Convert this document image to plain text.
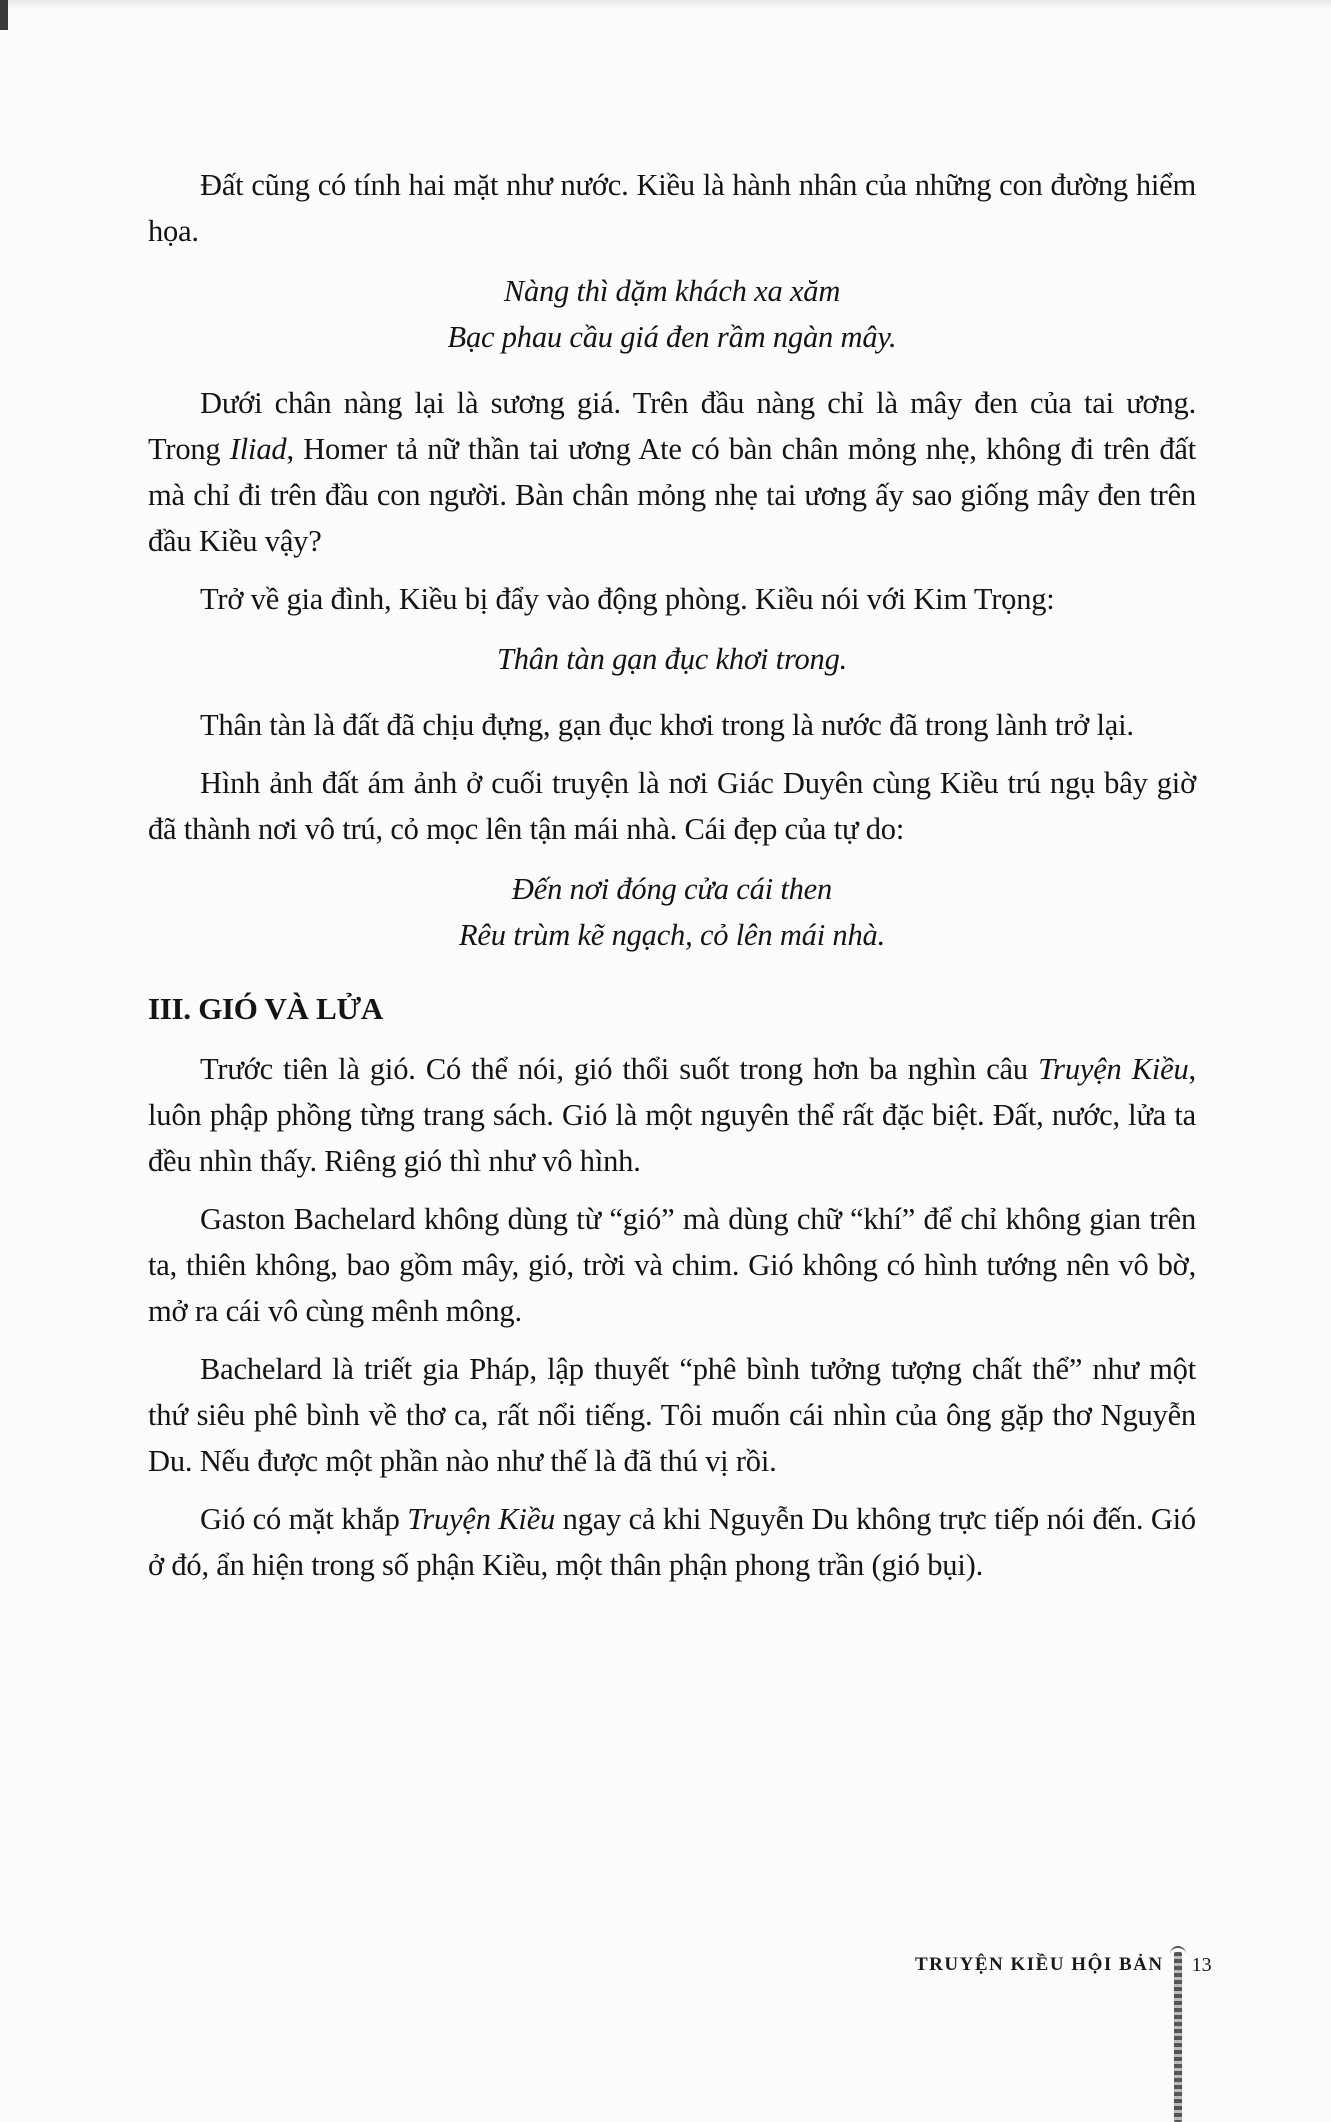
Đất cũng có tính hai mặt như nước. Kiều là hành nhân của những con đường hiểm họa.

Nàng thì dặm khách xa xăm

Bạc phau cầu giá đen rầm ngàn mây.

Dưới chân nàng lại là sương giá. Trên đầu nàng chỉ là mây đen của tai ương. Trong Iliad, Homer tả nữ thần tai ương Ate có bàn chân mỏng nhẹ, không đi trên đất mà chỉ đi trên đầu con người. Bàn chân mỏng nhẹ tai ương ấy sao giống mây đen trên đầu Kiều vậy?

Trở về gia đình, Kiều bị đẩy vào động phòng. Kiều nói với Kim Trọng:

Thân tàn gạn đục khơi trong.

Thân tàn là đất đã chịu đựng, gạn đục khơi trong là nước đã trong lành trở lại.

Hình ảnh đất ám ảnh ở cuối truyện là nơi Giác Duyên cùng Kiều trú ngụ bây giờ đã thành nơi vô trú, cỏ mọc lên tận mái nhà. Cái đẹp của tự do:

Đến nơi đóng cửa cái then

Rêu trùm kẽ ngạch, cỏ lên mái nhà.

III. GIÓ VÀ LỬA

Trước tiên là gió. Có thể nói, gió thổi suốt trong hơn ba nghìn câu Truyện Kiều, luôn phập phồng từng trang sách. Gió là một nguyên thể rất đặc biệt. Đất, nước, lửa ta đều nhìn thấy. Riêng gió thì như vô hình.

Gaston Bachelard không dùng từ “gió” mà dùng chữ “khí” để chỉ không gian trên ta, thiên không, bao gồm mây, gió, trời và chim. Gió không có hình tướng nên vô bờ, mở ra cái vô cùng mênh mông.

Bachelard là triết gia Pháp, lập thuyết “phê bình tưởng tượng chất thể” như một thứ siêu phê bình về thơ ca, rất nổi tiếng. Tôi muốn cái nhìn của ông gặp thơ Nguyễn Du. Nếu được một phần nào như thế là đã thú vị rồi.

Gió có mặt khắp Truyện Kiều ngay cả khi Nguyễn Du không trực tiếp nói đến. Gió ở đó, ẩn hiện trong số phận Kiều, một thân phận phong trần (gió bụi).

TRUYỆN KIỀU HỘI BẢN 13
